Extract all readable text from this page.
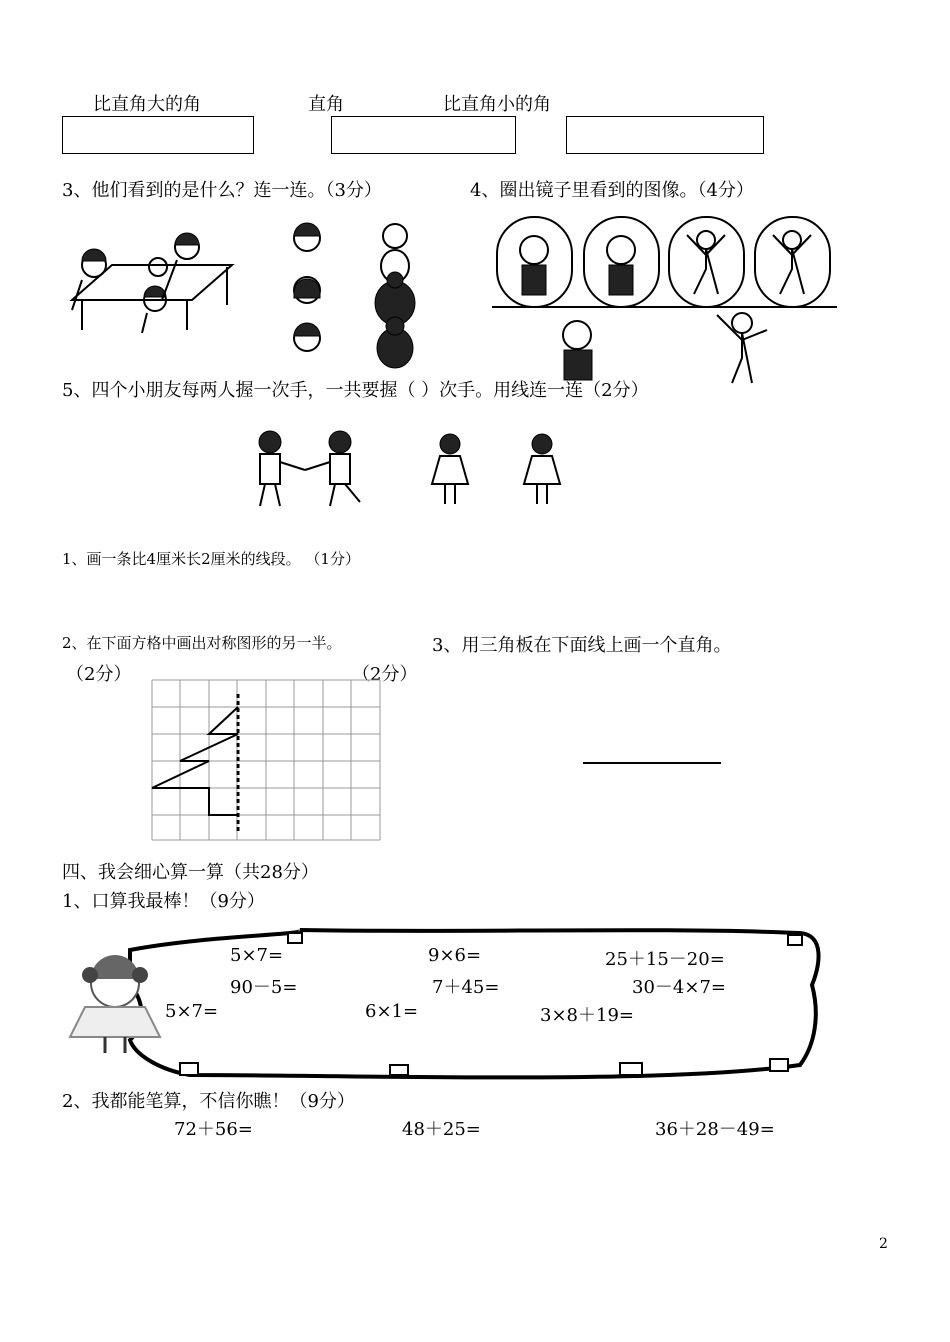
比直角大的角	直角	比直角小的角
3、他们看到的是什么？连一连。（3分）	4、圈出镜子里看到的图像。（4分）
5、四个小朋友每两人握一次手，一共要握（ ）次手。用线连一连（2分）
1、画一条比4厘米长2厘米的线段。 （1分）
2、在下面方格中画出对称图形的另一半。	3、用三角板在下面线上画一个直角。
（2分）	（2分）
四、我会细心算一算（共28分）
1、口算我最棒！（9分）
5×7=	9×6=	25＋15－20=
90－5=	7＋45=	30－4×7=
5×7=	6×1=	3×8＋19=
2、我都能笔算，不信你瞧！（9分）
72＋56=	48＋25=	36＋28－49=
2
